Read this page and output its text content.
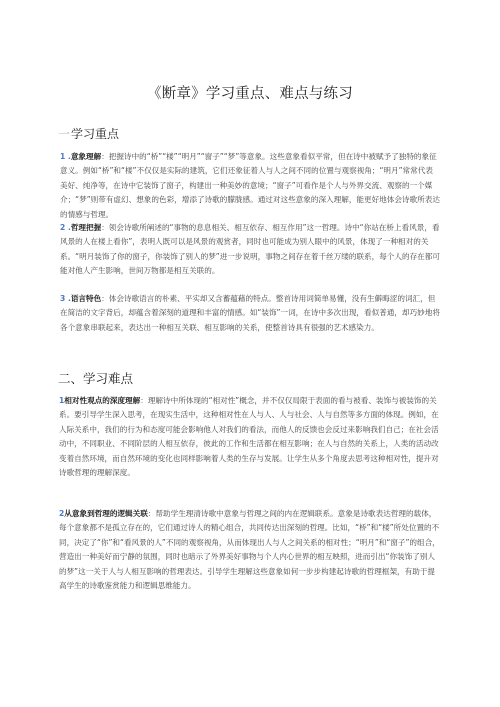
《断章》学习重点、难点与练习
一学习重点
1 .意象理解：把握诗中的“桥”“楼”“明月”“窗子”“梦”等意象。这些意象看似平常，但在诗中被赋予了独特的象征意义。例如“桥”和“楼”不仅仅是实际的建筑，它们还象征着人与人之间不同的位置与观察视角；“明月”常常代表美好、纯净等，在诗中它装饰了窗子，构建出一种美妙的意境；“窗子”可看作是个人与外界交流、观察的一个媒介；“梦”则带有虚幻、想象的色彩，增添了诗歌的朦胧感。通过对这些意象的深入理解，能更好地体会诗歌所表达的情感与哲理。
2 .哲理把握：领会诗歌所阐述的“事物的息息相关、相互依存、相互作用”这一哲理。诗中“你站在桥上看风景，看风景的人在楼上看你”，表明人既可以是风景的观赏者，同时也可能成为别人眼中的风景，体现了一种相对的关系。“明月装饰了你的窗子，你装饰了别人的梦”进一步说明，事物之间存在着千丝万缕的联系，每个人的存在都可能对他人产生影响，世间万物都是相互关联的。
3 .语言特色：体会诗歌语言的朴素、平实却又含蓄蕴藉的特点。整首诗用词简单易懂，没有生僻晦涩的词汇，但在简洁的文字背后，却蕴含着深刻的道理和丰富的情感。如“装饰”一词，在诗中多次出现，看似普通，却巧妙地将各个意象串联起来，表达出一种相互关联、相互影响的关系，使整首诗具有很强的艺术感染力。
二、学习难点
1相对性观点的深度理解：理解诗中所体现的“相对性”概念，并不仅仅局限于表面的看与被看、装饰与被装饰的关系。要引导学生深入思考，在现实生活中，这种相对性在人与人、人与社会、人与自然等多方面的体现。例如，在人际关系中，我们的行为和态度可能会影响他人对我们的看法，而他人的反馈也会反过来影响我们自己；在社会活动中，不同职业、不同阶层的人相互依存，彼此的工作和生活都在相互影响；在人与自然的关系上，人类的活动改变着自然环境，而自然环境的变化也同样影响着人类的生存与发展。让学生从多个角度去思考这种相对性，提升对诗歌哲理的理解深度。
2从意象到哲理的逻辑关联：帮助学生理清诗歌中意象与哲理之间的内在逻辑联系。意象是诗歌表达哲理的载体，每个意象都不是孤立存在的，它们通过诗人的精心组合，共同传达出深刻的哲理。比如，“桥”和“楼”所处位置的不同，决定了“你”和“看风景的人”不同的观察视角，从而体现出人与人之间关系的相对性；“明月”和“窗子”的组合，营造出一种美好而宁静的氛围，同时也暗示了外界美好事物与个人内心世界的相互映照，进而引出“你装饰了别人的梦”这一关于人与人相互影响的哲理表达。引导学生理解这些意象如何一步步构建起诗歌的哲理框架，有助于提高学生的诗歌鉴赏能力和逻辑思维能力。
